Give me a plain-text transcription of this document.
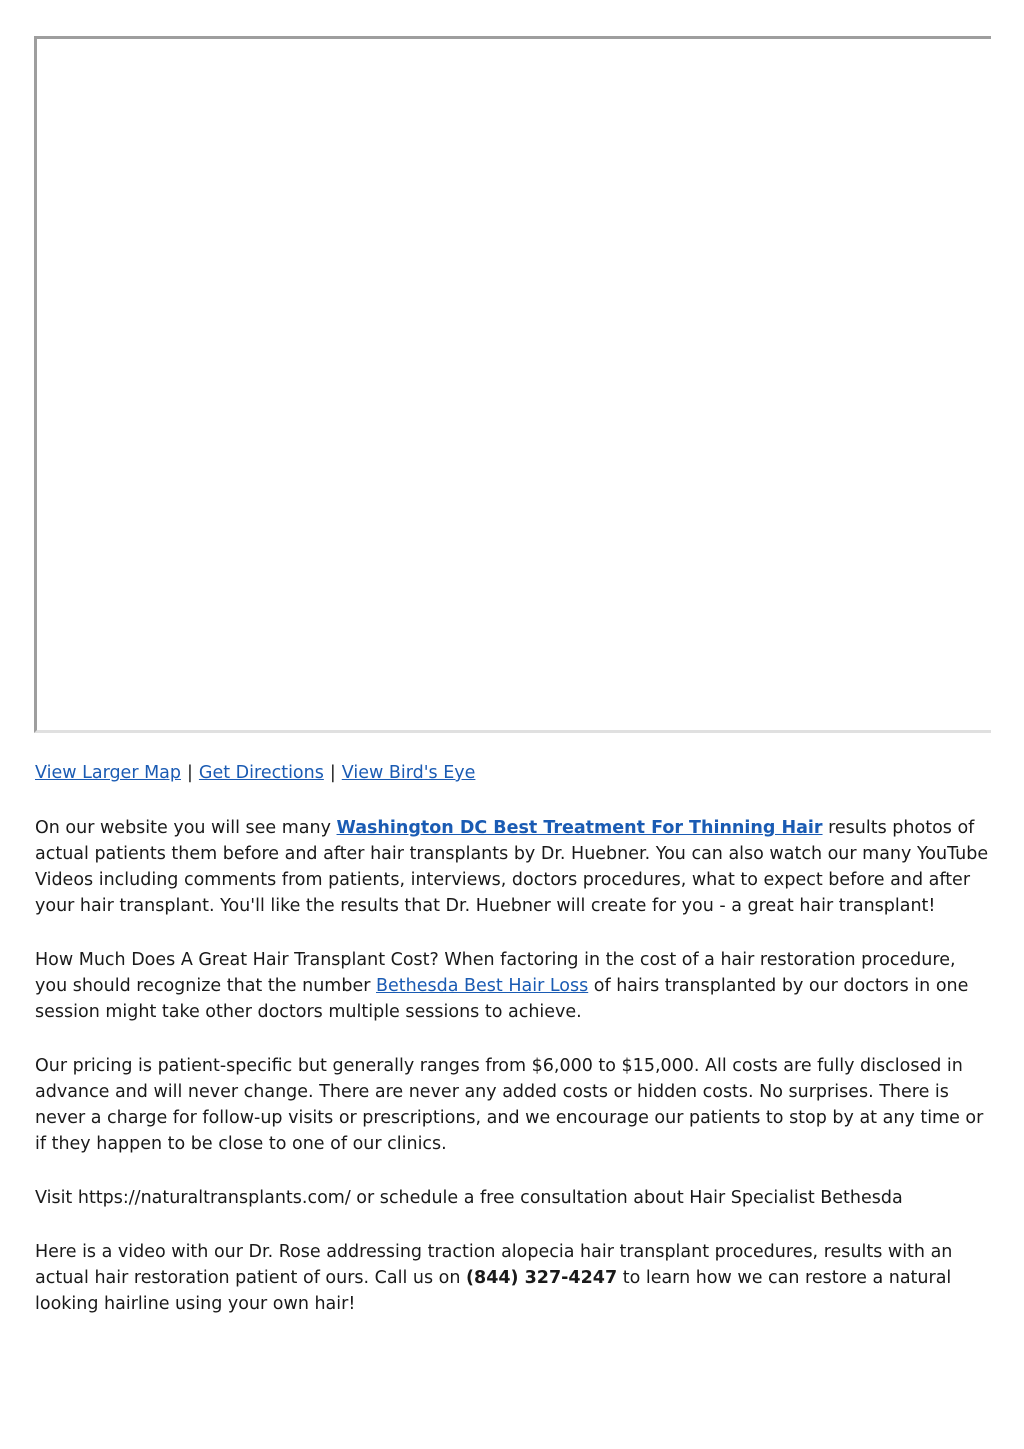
View Larger Map | Get Directions | View Bird's Eye

On our website you will see many Washington DC Best Treatment For Thinning Hair results photos of actual patients them before and after hair transplants by Dr. Huebner. You can also watch our many YouTube Videos including comments from patients, interviews, doctors procedures, what to expect before and after your hair transplant. You'll like the results that Dr. Huebner will create for you - a great hair transplant!

How Much Does A Great Hair Transplant Cost? When factoring in the cost of a hair restoration procedure, you should recognize that the number Bethesda Best Hair Loss of hairs transplanted by our doctors in one session might take other doctors multiple sessions to achieve.

Our pricing is patient-specific but generally ranges from $6,000 to $15,000. All costs are fully disclosed in advance and will never change. There are never any added costs or hidden costs. No surprises. There is never a charge for follow-up visits or prescriptions, and we encourage our patients to stop by at any time or if they happen to be close to one of our clinics.

Visit https://naturaltransplants.com/ or schedule a free consultation about Hair Specialist Bethesda

Here is a video with our Dr. Rose addressing traction alopecia hair transplant procedures, results with an actual hair restoration patient of ours. Call us on (844) 327-4247 to learn how we can restore a natural looking hairline using your own hair!
